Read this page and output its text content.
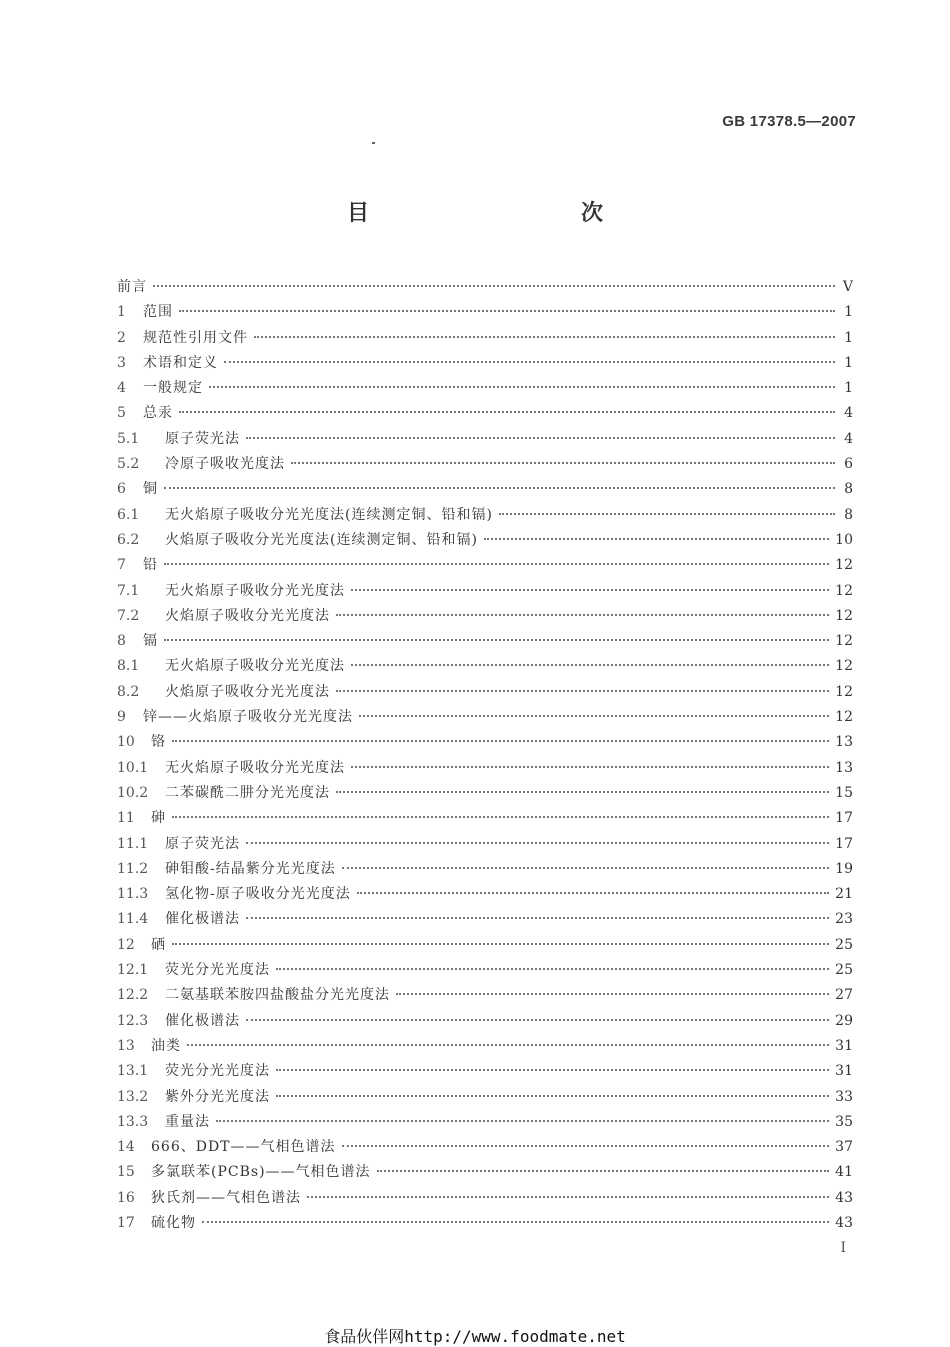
GB 17378.5—2007
目　　次
前言	V
1	范围	1
2	规范性引用文件	1
3	术语和定义	1
4	一般规定	1
5	总汞	4
5.1	原子荧光法	4
5.2	冷原子吸收光度法	6
6	铜	8
6.1	无火焰原子吸收分光光度法(连续测定铜、铅和镉)	8
6.2	火焰原子吸收分光光度法(连续测定铜、铅和镉)	10
7	铅	12
7.1	无火焰原子吸收分光光度法	12
7.2	火焰原子吸收分光光度法	12
8	镉	12
8.1	无火焰原子吸收分光光度法	12
8.2	火焰原子吸收分光光度法	12
9	锌——火焰原子吸收分光光度法	12
10	铬	13
10.1	无火焰原子吸收分光光度法	13
10.2	二苯碳酰二肼分光光度法	15
11	砷	17
11.1	原子荧光法	17
11.2	砷钼酸-结晶紫分光光度法	19
11.3	氢化物-原子吸收分光光度法	21
11.4	催化极谱法	23
12	硒	25
12.1	荧光分光光度法	25
12.2	二氨基联苯胺四盐酸盐分光光度法	27
12.3	催化极谱法	29
13	油类	31
13.1	荧光分光光度法	31
13.2	紫外分光光度法	33
13.3	重量法	35
14	666、DDT——气相色谱法	37
15	多氯联苯(PCBs)——气相色谱法	41
16	狄氏剂——气相色谱法	43
17	硫化物	43
I
食品伙伴网http://www.foodmate.net
